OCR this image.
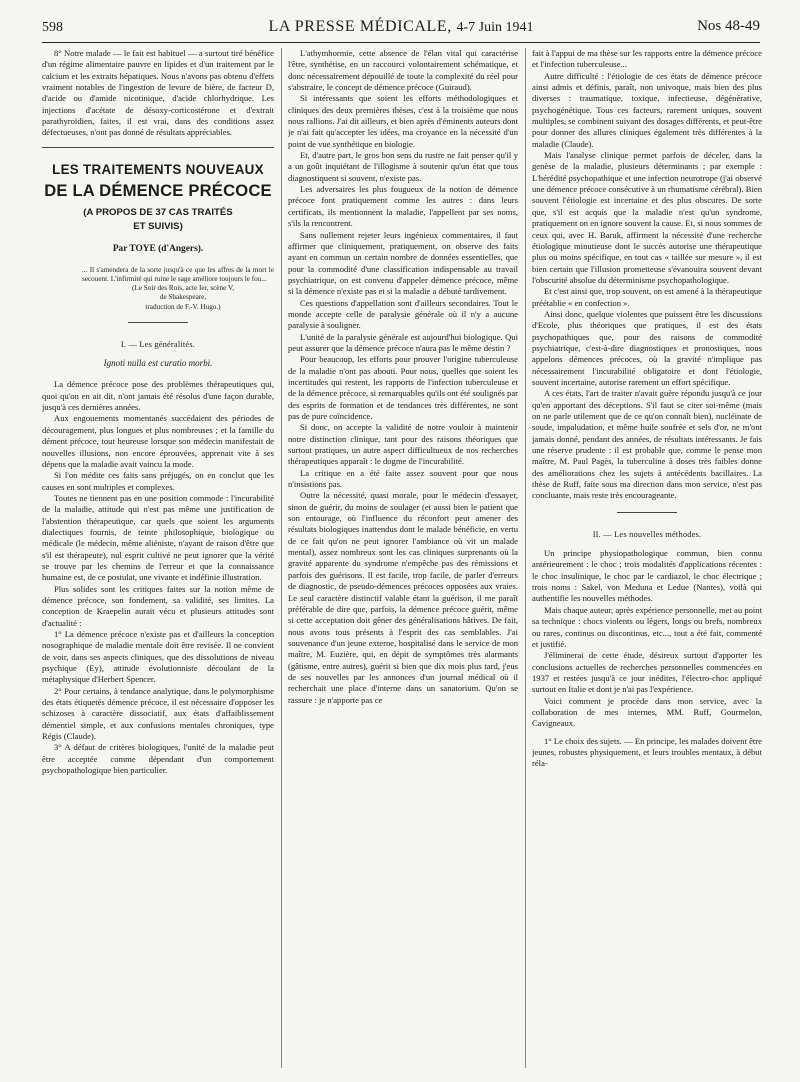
598	LA PRESSE MÉDICALE, 4-7 Juin 1941	Nos 48-49

8° Notre malade — le fait est habituel — a surtout tiré bénéfice d'un régime alimentaire pauvre en lipides et d'un traitement par le calcium et les extraits hépatiques. Nous n'avons pas obtenu d'effets vraiment notables de l'ingestion de levure de bière, de facteur D, d'acide ou d'amide nicotinique, d'acide chlorhydrique. Les injections d'acétate de désoxy-corticostérone et d'extrait parathyroïdien, faites, il est vrai, dans des conditions assez défectueuses, n'ont pas donné de résultats appréciables.

LES TRAITEMENTS NOUVEAUX
DE LA DÉMENCE PRÉCOCE
(A PROPOS DE 37 CAS TRAITÉS
ET SUIVIS)
Par TOYE (d'Angers).

... Il s'amendera de la sorte jusqu'à ce que les affres de la mort le secouent. L'infirmité qui ruine le sage améliore toujours le fou...

(Le Soir des Rois, acte Ier, scène V,
de Shakespeare,
traduction de F.-V. Hugo.)

I. — Les généralités.

Ignoti nulla est curatio morbi.

La démence précoce pose des problèmes thérapeutiques qui, quoi qu'on en ait dit, n'ont jamais été résolus d'une façon durable, jusqu'à ces dernières années.

Aux engouements momentanés succédaient des périodes de découragement, plus longues et plus nombreuses ; et la famille du dément précoce, tout heureuse lorsque son médecin manifestait de nouvelles illusions, non encore éprouvées, apprenait vite à ses dépens que la maladie avait vaincu la mode.

Si l'on médite ces faits sans préjugés, on en conclut que les causes en sont multiples et complexes.

Toutes ne tiennent pas en une position commode : l'incurabilité de la maladie, attitude qui n'est pas même une justification de l'abstention thérapeutique, car quels que soient les arguments dialectiques fournis, de teinte philosophique, biologique ou médicale (le médecin, même aliéniste, n'ayant de raison d'être que s'il est thérapeute), nul esprit cultivé ne peut ignorer que la vérité se trouve par les chemins de l'erreur et que la connaissance humaine est, de ce postulat, une vivante et indéfinie illustration.

Plus solides sont les critiques faites sur la notion même de démence précoce, son fondement, sa validité, ses limites. La conception de Kraepelin aurait vécu et plusieurs attitudes sont d'actualité :

1° La démence précoce n'existe pas et d'ailleurs la conception nosographique de maladie mentale doit être revisée. Il ne convient de voir, dans ses aspects cliniques, que des dissolutions de niveau psychique (Ey), attitude évolutionniste découlant de la métaphysique d'Herbert Spencer.

2° Pour certains, à tendance analytique, dans le polymorphisme des états étiquetés démence précoce, il est nécessaire d'opposer les schizoses à caractère dissociatif, aux états d'affaiblissement démentiel simple, et aux confusions mentales chroniques, type Régis (Claude).

3° A défaut de critères biologiques, l'unité de la maladie peut être acceptée comme dépendant d'un comportement psychopathologique bien particulier.

L'athymhormie, cette absence de l'élan vital qui caractérise l'être, synthétise, en un raccourci volontairement schématique, et donc nécessairement dépouillé de toute la complexité du réel pour s'abstraire, le concept de démence précoce (Guiraud).

Si intéressants que soient les efforts méthodologiques et cliniques des deux premières thèses, c'est à la troisième que nous nous rallions. J'ai dit ailleurs, et bien après d'éminents auteurs dont je n'ai fait qu'accepter les idées, ma croyance en la nécessité d'un point de vue synthétique en biologie.

Et, d'autre part, le gros bon sens du rustre ne fait penser qu'il y a un goût inquiétant de l'illogisme à soutenir qu'un état que tous diagnostiquent si souvent, n'existe pas.

Les adversaires les plus fougueux de la notion de démence précoce font pratiquement comme les autres : dans leurs certificats, ils mentionnent la maladie, l'appellent par ses noms, s'ils la rencontrent.

Sans nullement rejeter leurs ingénieux commentaires, il faut affirmer que cliniquement, pratiquement, on observe des faits ayant en commun un certain nombre de données essentielles, que pour la commodité d'une classification indispensable au travail psychiatrique, on est convenu d'appeler démence précoce, même si la démence n'existe pas et si la maladie a débuté tardivement.

Ces questions d'appellation sont d'ailleurs secondaires. Tout le monde accepte celle de paralysie générale où il n'y a aucune paralysie à souligner.

L'unité de la paralysie générale est aujourd'hui biologique. Qui peut assurer que la démence précoce n'aura pas le même destin ?

Pour beaucoup, les efforts pour prouver l'origine tuberculeuse de la maladie n'ont pas abouti. Pour nous, quelles que soient les incertitudes qui restent, les rapports de l'infection tuberculeuse et de la démence précoce, si remarquables qu'ils ont été soulignés par des esprits de formation et de tendances très différentes, ne sont pas de pure coïncidence.

Si donc, on accepte la validité de notre vouloir à maintenir notre distinction clinique, tant pour des raisons théoriques que surtout pratiques, un autre aspect difficultueux de nos recherches thérapeutiques apparaît : le dogme de l'incurabilité.

La critique en a été faite assez souvent pour que nous n'insistions pas.

Outre la nécessité, quasi morale, pour le médecin d'essayer, sinon de guérir, du moins de soulager (et aussi bien le patient que son entourage, où l'influence du réconfort peut amener des résultats biologiques inattendus dont le malade bénéficie, en vertu de ce fait qu'on ne peut ignorer l'ambiance où vit un malade mental), assez nombreux sont les cas cliniques surprenants où la gravité apparente du syndrome n'empêche pas des rémissions et parfois des guérisons. Il est facile, trop facile, de parler d'erreurs de diagnostic, de pseudo-démences précoces opposées aux vraies. Le seul caractère distinctif valable étant la guérison, il me paraît préférable de dire que, parfois, la démence précoce guérit, même si cette acceptation doit gêner des généralisations hâtives. De fait, nous avons tous présents à l'esprit des cas semblables. J'ai souvenance d'un jeune externe, hospitalisé dans le service de mon maître, M. Euzière, qui, en dépit de symptômes très alarmants (gâtisme, entre autres), guérit si bien que dix mois plus tard, j'eus de ses nouvelles par les annonces d'un journal médical où il recherchait une place d'interne dans un sanatorium. Qu'on se rassure : je n'apporte pas ce

fait à l'appui de ma thèse sur les rapports entre la démence précoce et l'infection tuberculeuse...

Autre difficulté : l'étiologie de ces états de démence précoce ainsi admis et définis, paraît, non univoque, mais bien des plus diverses : traumatique, toxique, infectieuse, dégénérative, psychogénétique. Tous ces facteurs, rarement uniques, souvent multiples, se combinent suivant des dosages différents, et peut-être pour donner des allures cliniques également très différentes à la maladie (Claude).

Mais l'analyse clinique permet parfois de déceler, dans la genèse de la maladie, plusieurs déterminants ; par exemple : L'hérédité psychopathique et une infection neurotrope (j'ai observé une démence précoce consécutive à un rhumatisme cérébral). Bien souvent l'étiologie est incertaine et des plus obscures. De sorte que, s'il est acquis que la maladie n'est qu'un syndrome, pratiquement on en ignore souvent la cause. Et, si nous sommes de ceux qui, avec H. Baruk, affirment la nécessité d'une recherche étiologique minutieuse dont le succès autorise une thérapeutique plus ou moins spécifique, en tout cas « taillée sur mesure », il est bien certain que l'illusion prometteuse s'évanouira souvent devant l'obscurité absolue du déterminisme psychopathologique.

Et c'est ainsi que, trop souvent, on est amené à la thérapeutique préétablie « en confection ».

Ainsi donc, quelque violentes que puissent être les discussions d'Ecole, plus théoriques que pratiques, il est des états psychopathiques que, pour des raisons de commodité psychiatrique, c'est-à-dire diagnostiques et pronostiques, nous appelons démences précoces, où la gravité n'implique pas nécessairement l'incurabilité obligatoire et dont l'étiologie, souvent incertaine, autorise rarement un effort spécifique.

A ces états, l'art de traiter n'avait guère répondu jusqu'à ce jour qu'en apportant des déceptions. S'il faut se citer soi-même (mais on ne parle utilement que de ce qu'on connaît bien), nucléinate de soude, impaludation, et même huile soufrée et sels d'or, ne m'ont jamais donné, pendant des années, de résultats intéressants. Je fais une réserve prudente : il est probable que, comme le pense mon maître, M. Paul Pagès, la tuberculine à doses très faibles donne des améliorations chez les sujets à antécédents bacillaires. La thèse de Ruff, faite sous ma direction dans mon service, n'est pas concluante, mais reste très encourageante.

II. — Les nouvelles méthodes.

Un principe physiopathologique commun, bien connu antérieurement : le choc ; trois modalités d'applications récentes : le choc insulinique, le choc par le cardiazol, le choc électrique ; trois noms : Sakel, von Meduna et Ledue (Nantes), voilà qui authentifie les nouvelles méthodes.

Mais chaque auteur, après expérience personnelle, met au point sa technique : chocs violents ou légers, longs ou brefs, nombreux ou rares, continus ou discontinus, etc..., tout a été fait, commenté et justifié.

J'éliminerai de cette étude, désireux surtout d'apporter les conclusions actuelles de recherches personnelles commencées en 1937 et restées jusqu'à ce jour inédites, l'électro-choc appliqué surtout en Italie et dont je n'ai pas l'expérience.

Voici comment je procède dans mon service, avec la collaboration de mes internes, MM. Ruff, Gourmelon, Cavigneaux.

1° Le choix des sujets. — En principe, les malades doivent être jeunes, robustes physiquement, et leurs troubles mentaux, à début réla-
